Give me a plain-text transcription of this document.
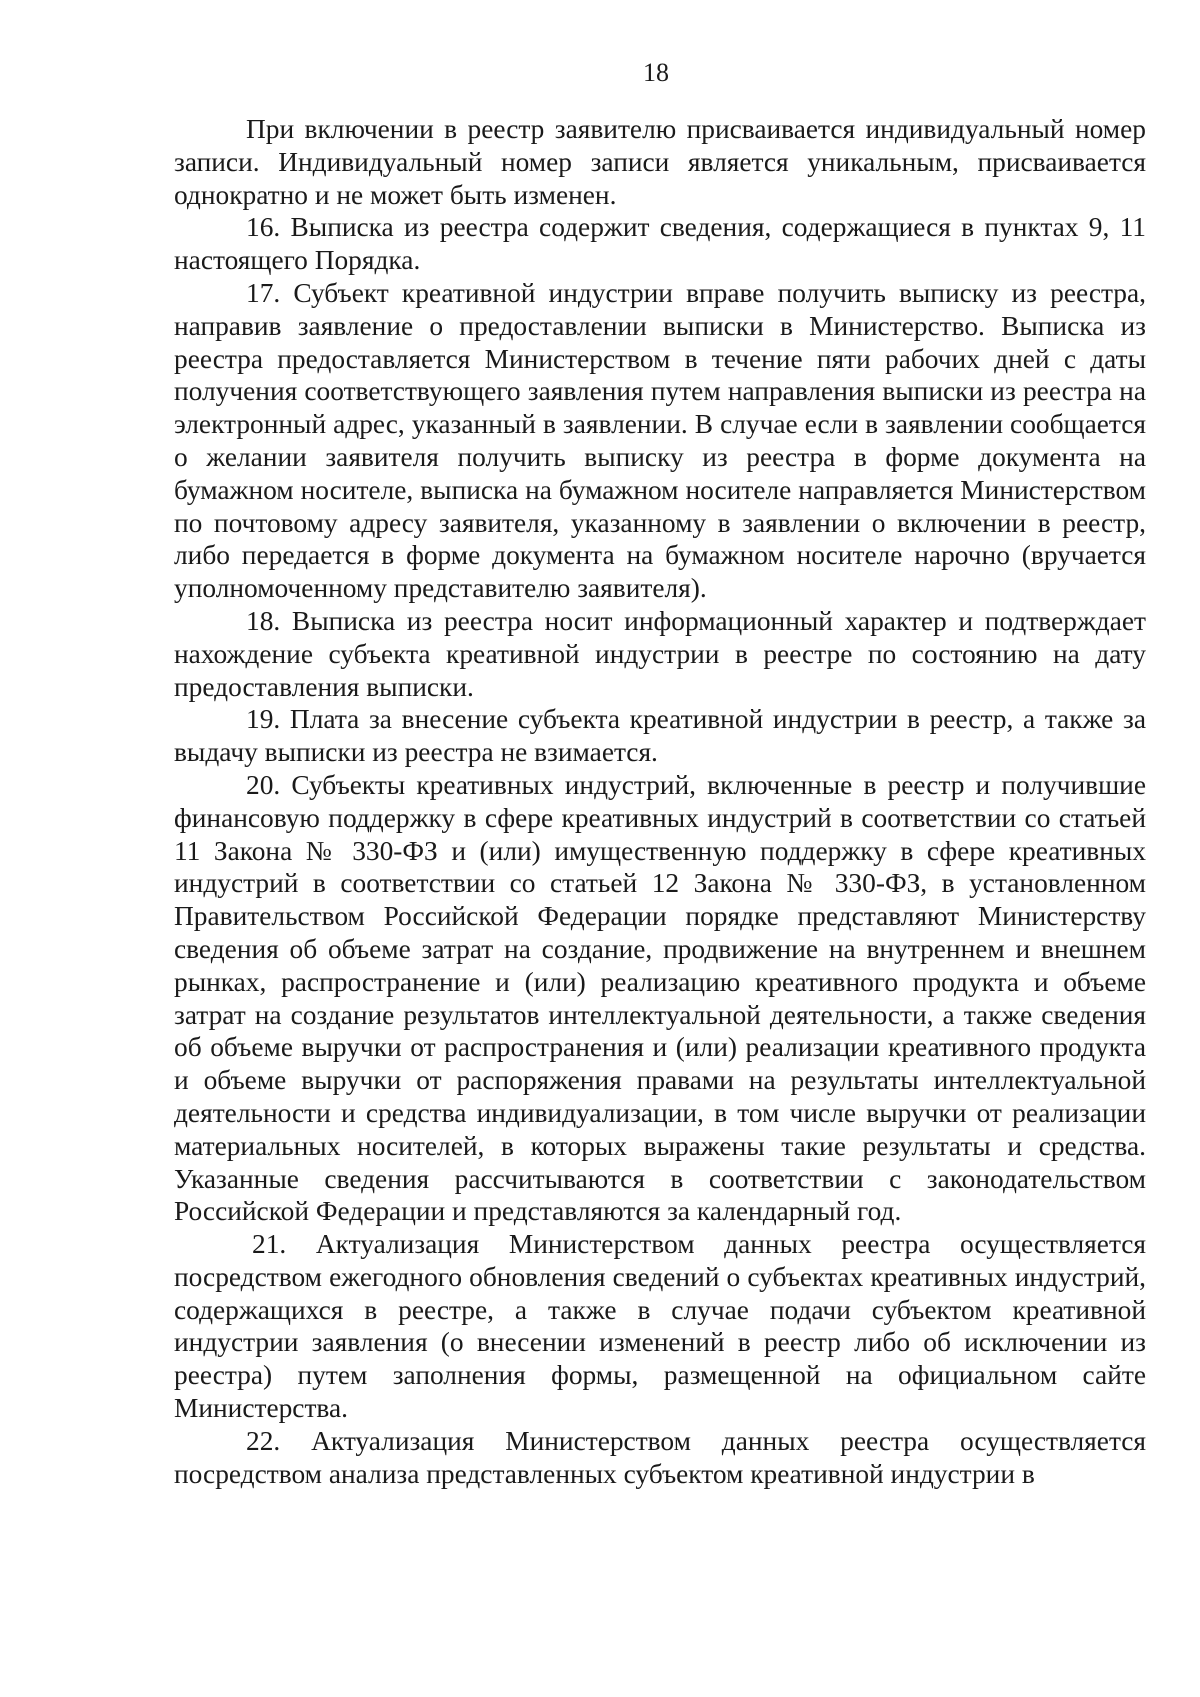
18

При включении в реестр заявителю присваивается индивидуальный номер записи. Индивидуальный номер записи является уникальным, присваивается однократно и не может быть изменен.

16. Выписка из реестра содержит сведения, содержащиеся в пунктах 9, 11 настоящего Порядка.

17. Субъект креативной индустрии вправе получить выписку из реестра, направив заявление о предоставлении выписки в Министерство. Выписка из реестра предоставляется Министерством в течение пяти рабочих дней с даты получения соответствующего заявления путем направления выписки из реестра на электронный адрес, указанный в заявлении. В случае если в заявлении сообщается о желании заявителя получить выписку из реестра в форме документа на бумажном носителе, выписка на бумажном носителе направляется Министерством по почтовому адресу заявителя, указанному в заявлении о включении в реестр, либо передается в форме документа на бумажном носителе нарочно (вручается уполномоченному представителю заявителя).

18. Выписка из реестра носит информационный характер и подтверждает нахождение субъекта креативной индустрии в реестре по состоянию на дату предоставления выписки.

19. Плата за внесение субъекта креативной индустрии в реестр, а также за выдачу выписки из реестра не взимается.

20. Субъекты креативных индустрий, включенные в реестр и получившие финансовую поддержку в сфере креативных индустрий в соответствии со статьей 11 Закона № 330-ФЗ и (или) имущественную поддержку в сфере креативных индустрий в соответствии со статьей 12 Закона № 330-ФЗ, в установленном Правительством Российской Федерации порядке представляют Министерству сведения об объеме затрат на создание, продвижение на внутреннем и внешнем рынках, распространение и (или) реализацию креативного продукта и объеме затрат на создание результатов интеллектуальной деятельности, а также сведения об объеме выручки от распространения и (или) реализации креативного продукта и объеме выручки от распоряжения правами на результаты интеллектуальной деятельности и средства индивидуализации, в том числе выручки от реализации материальных носителей, в которых выражены такие результаты и средства. Указанные сведения рассчитываются в соответствии с законодательством Российской Федерации и представляются за календарный год.

21. Актуализация Министерством данных реестра осуществляется посредством ежегодного обновления сведений о субъектах креативных индустрий, содержащихся в реестре, а также в случае подачи субъектом креативной индустрии заявления (о внесении изменений в реестр либо об исключении из реестра) путем заполнения формы, размещенной на официальном сайте Министерства.

22. Актуализация Министерством данных реестра осуществляется посредством анализа представленных субъектом креативной индустрии в
